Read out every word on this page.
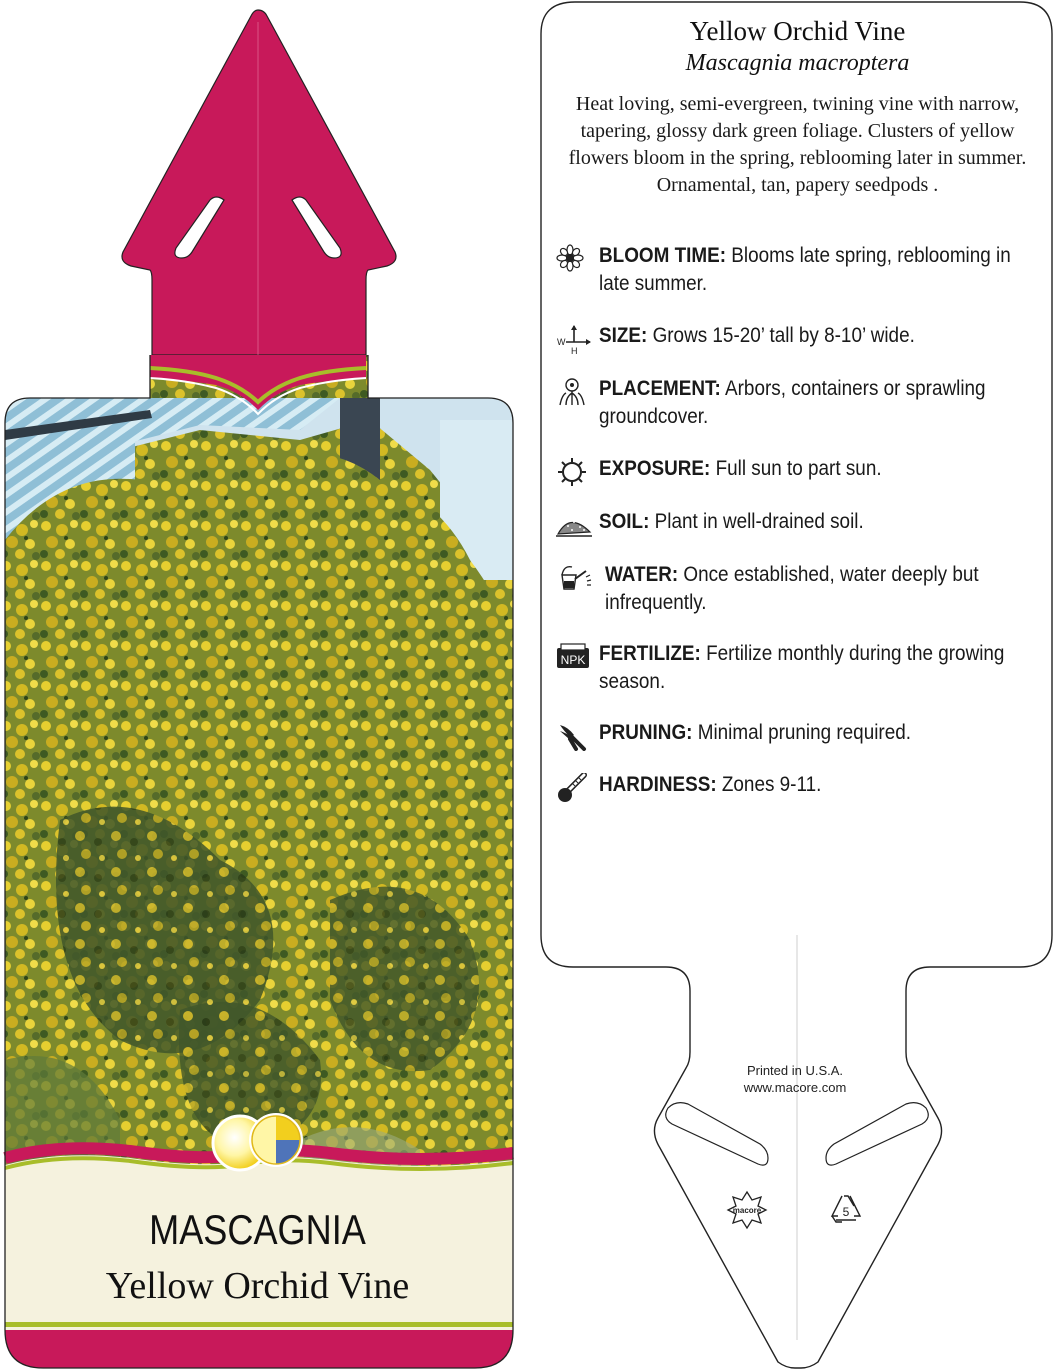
macore	5
Yellow Orchid Vine
Mascagnia macroptera
Heat loving, semi-evergreen, twining vine with narrow, tapering, glossy dark green foliage. Clusters of yellow flowers bloom in the spring, reblooming later in summer. Ornamental, tan, papery seedpods .
BLOOM TIME: Blooms late spring, reblooming in late summer.
W
H
SIZE: Grows 15-20’ tall by 8-10’ wide.
PLACEMENT: Arbors, containers or sprawling groundcover.
EXPOSURE: Full sun to part sun.
SOIL: Plant in well-drained soil.
WATER: Once established, water deeply but infrequently.
NPK FERTILIZE: Fertilize monthly during the growing season.
PRUNING: Minimal pruning required.
HARDINESS: Zones 9-11.
Printed in U.S.A.
www.macore.com
MASCAGNIA
Yellow Orchid Vine
